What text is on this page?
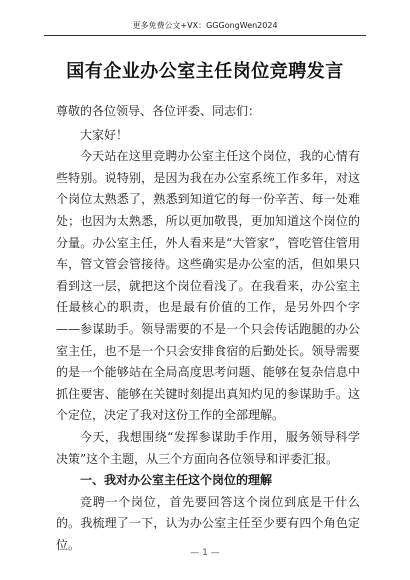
更多免费公文+VX：GGGongWen2024
国有企业办公室主任岗位竞聘发言

尊敬的各位领导、各位评委、同志们：

大家好！

今天站在这里竞聘办公室主任这个岗位，我的心情有些特别。说特别，是因为我在办公室系统工作多年，对这个岗位太熟悉了，熟悉到知道它的每一份辛苦、每一处难处；也因为太熟悉，所以更加敬畏，更加知道这个岗位的分量。办公室主任，外人看来是“大管家”，管吃管住管用车，管文管会管接待。这些确实是办公室的活，但如果只看到这一层，就把这个岗位看浅了。在我看来，办公室主任最核心的职责，也是最有价值的工作，是另外四个字——参谋助手。领导需要的不是一个只会传话跑腿的办公室主任，也不是一个只会安排食宿的后勤处长。领导需要的是一个能够站在全局高度思考问题、能够在复杂信息中抓住要害、能够在关键时刻提出真知灼见的参谋助手。这个定位，决定了我对这份工作的全部理解。

今天，我想围绕“发挥参谋助手作用，服务领导科学决策”这个主题，从三个方面向各位领导和评委汇报。

一、我对办公室主任这个岗位的理解

竞聘一个岗位，首先要回答这个岗位到底是干什么的。我梳理了一下，认为办公室主任至少要有四个角色定位。

— 1 —
